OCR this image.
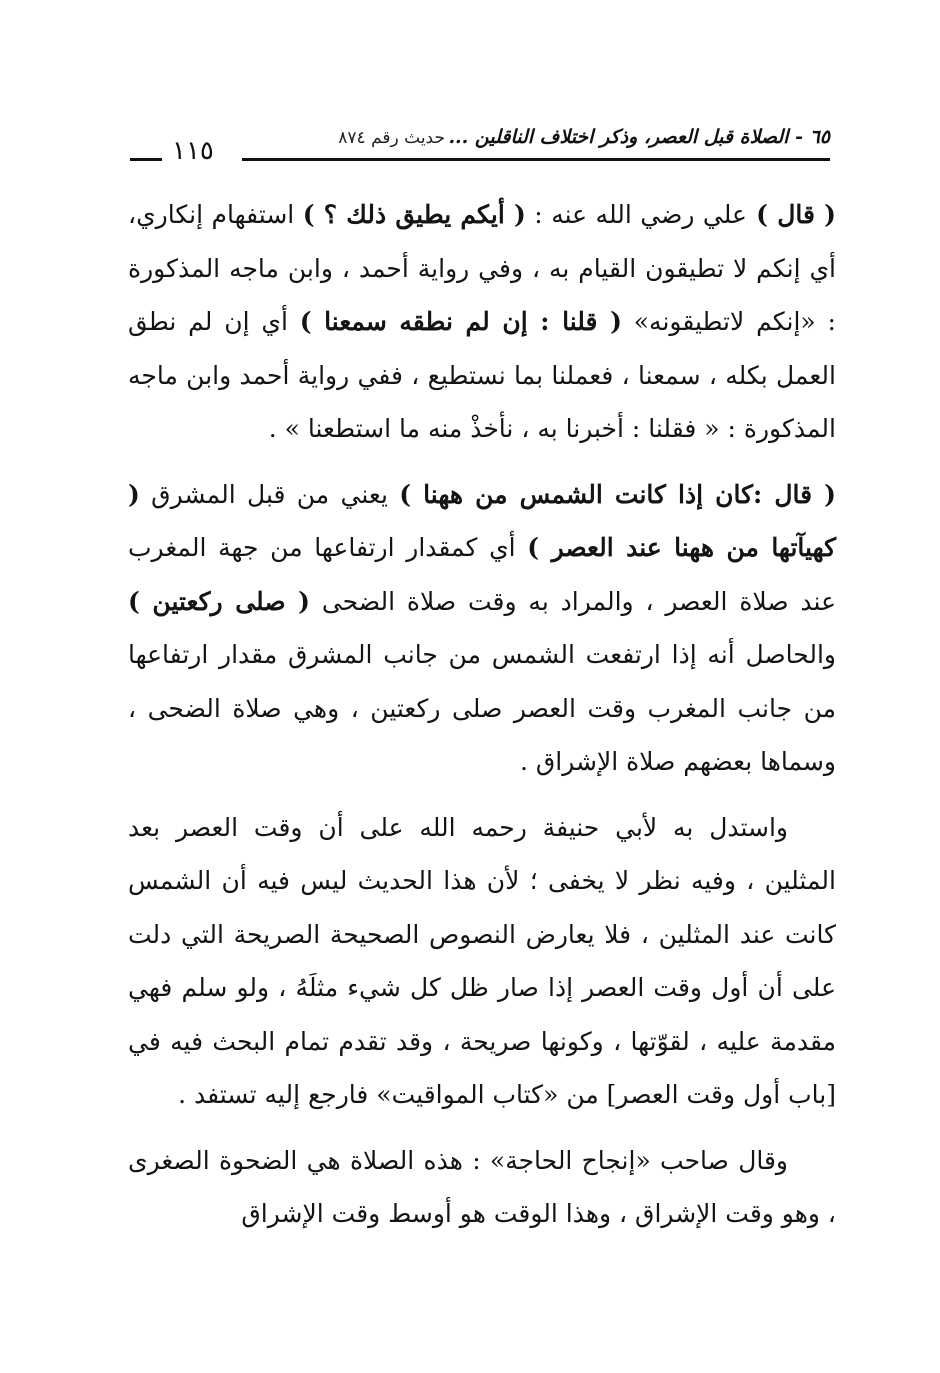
٦٥ - الصلاة قبل العصر، وذكر اختلاف الناقلين ...
حديث رقم ٨٧٤
١١٥

( قال ) علي رضي الله عنه : ( أيكم يطيق ذلك ؟ ) استفهام إنكاري، أي إنكم لا تطيقون القيام به ، وفي رواية أحمد ، وابن ماجه المذكورة : «إنكم لاتطيقونه» ( قلنا : إن لم نطقه سمعنا ) أي إن لم نطق العمل بكله ، سمعنا ، فعملنا بما نستطيع ، ففي رواية أحمد وابن ماجه المذكورة : « فقلنا : أخبرنا به ، نأخذْ منه ما استطعنا » .

( قال :كان إذا كانت الشمس من ههنا ) يعني من قبل المشرق ( كهيآتها من ههنا عند العصر ) أي كمقدار ارتفاعها من جهة المغرب عند صلاة العصر ، والمراد به وقت صلاة الضحى ( صلى ركعتين ) والحاصل أنه إذا ارتفعت الشمس من جانب المشرق مقدار ارتفاعها من جانب المغرب وقت العصر صلى ركعتين ، وهي صلاة الضحى ، وسماها بعضهم صلاة الإشراق .

واستدل به لأبي حنيفة رحمه الله على أن وقت العصر بعد المثلين ، وفيه نظر لا يخفى ؛ لأن هذا الحديث ليس فيه أن الشمس كانت عند المثلين ، فلا يعارض النصوص الصحيحة الصريحة التي دلت على أن أول وقت العصر إذا صار ظل كل شيء مثلَهُ ، ولو سلم فهي مقدمة عليه ، لقوّتها ، وكونها صريحة ، وقد تقدم تمام البحث فيه في [باب أول وقت العصر] من «كتاب المواقيت» فارجع إليه تستفد .

وقال صاحب «إنجاح الحاجة» : هذه الصلاة هي الضحوة الصغرى ، وهو وقت الإشراق ، وهذا الوقت هو أوسط وقت الإشراق
